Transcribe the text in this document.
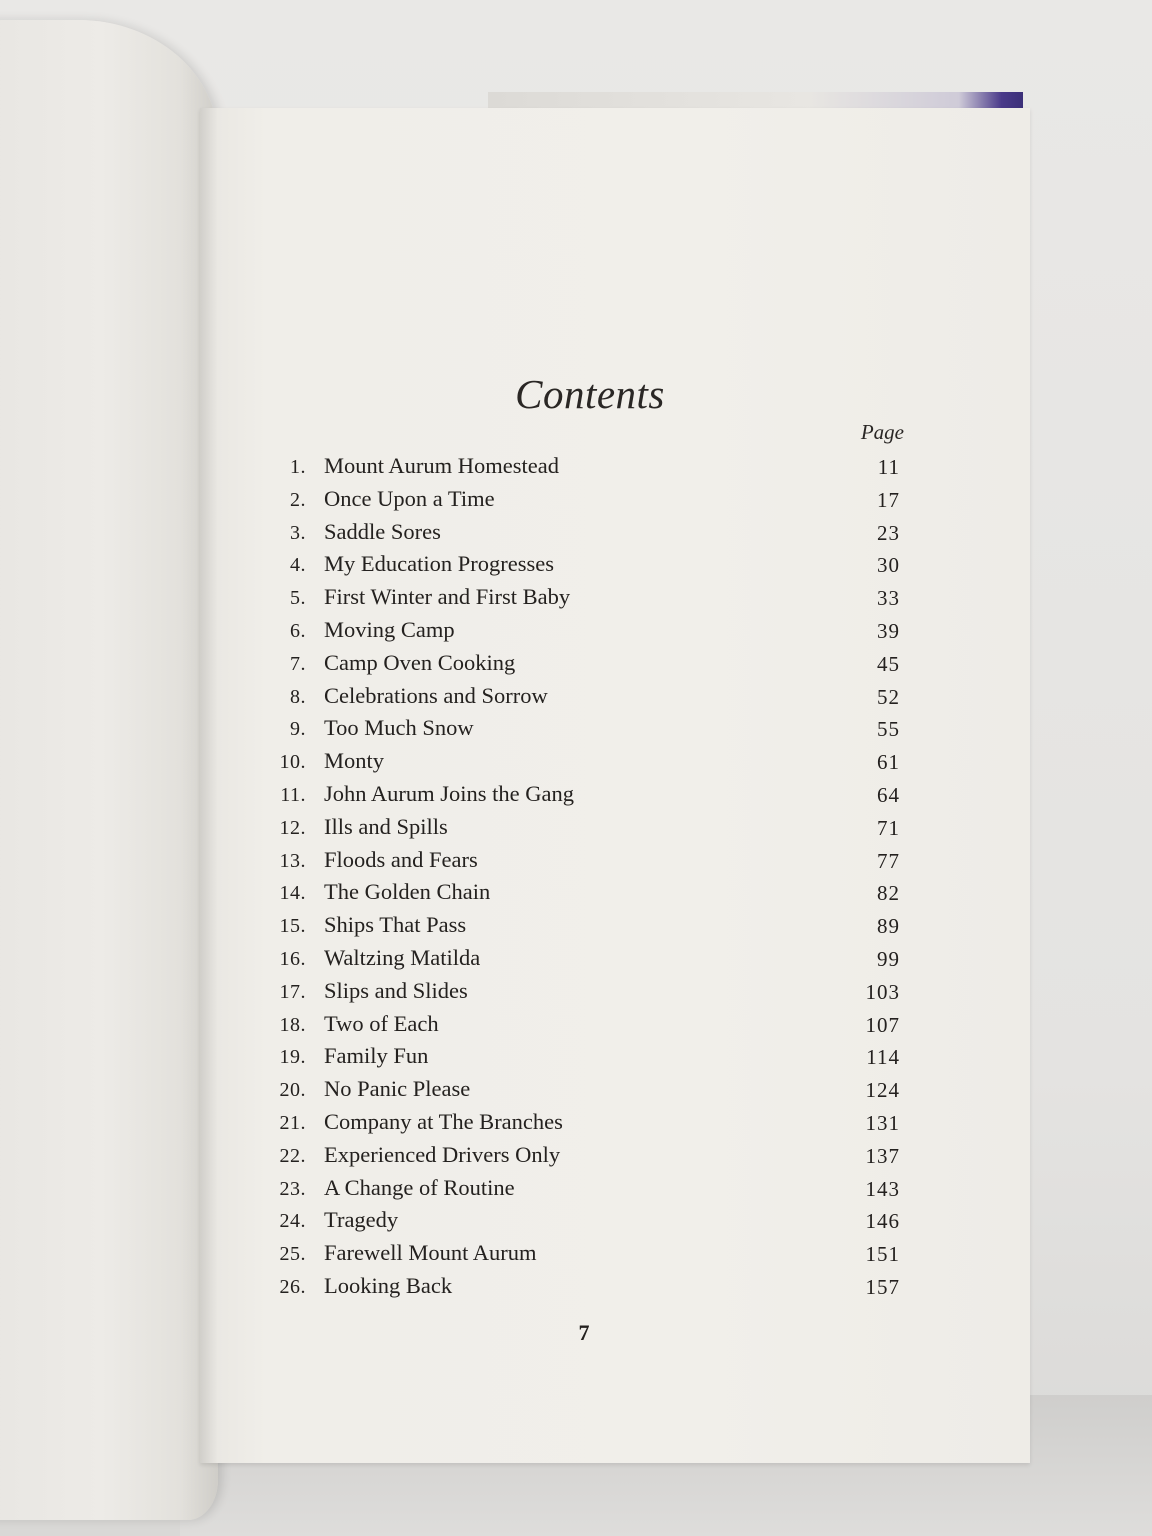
Contents
Page
1. Mount Aurum Homestead	11
2. Once Upon a Time	17
3. Saddle Sores	23
4. My Education Progresses	30
5. First Winter and First Baby	33
6. Moving Camp	39
7. Camp Oven Cooking	45
8. Celebrations and Sorrow	52
9. Too Much Snow	55
10. Monty	61
11. John Aurum Joins the Gang	64
12. Ills and Spills	71
13. Floods and Fears	77
14. The Golden Chain	82
15. Ships That Pass	89
16. Waltzing Matilda	99
17. Slips and Slides	103
18. Two of Each	107
19. Family Fun	114
20. No Panic Please	124
21. Company at The Branches	131
22. Experienced Drivers Only	137
23. A Change of Routine	143
24. Tragedy	146
25. Farewell Mount Aurum	151
26. Looking Back	157
7
